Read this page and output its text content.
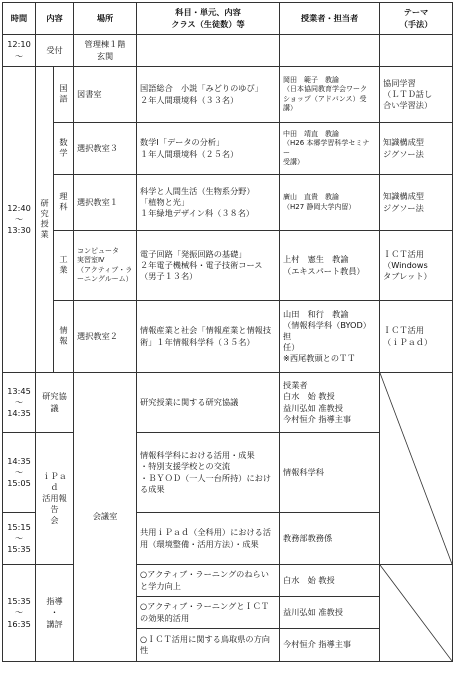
時間	内容		場所	科目・単元、内容
クラス（生徒数）等	授業者・担当者	テーマ
（手法）

12:10
～	受付		管理棟１階
玄関			
12:40
～
13:30	研究授業	国語	図書室	国語総合　小説「みどりのゆび」
２年人間環境科（３３名）	岡田　範子　教諭
（日本協同教育学会ワーク
ショップ（アドバンス）受講）	協同学習
（ＬＴＤ話し
合い学習法）

		数学	選択教室３	数学Ⅰ「データの分析」
１年人間環境科（２５名）	中田　靖直　教諭
（H26 本郷学習科学セミナー
受講）	知識構成型
ジグソー法

		理科	選択教室１	科学と人間生活（生物系分野）
「植物と光」
１年緑地デザイン科（３８名）	廣山　直貴　教諭
（H27 静岡大学内留）	知識構成型
ジグソー法

		工業	コンピュータ
実習室Ⅳ
（アクティブ・ラ
ーニングルーム）	電子回路「発振回路の基礎」
２年電子機械科・電子技術コース
（男子１３名）	上村　憲生　教諭
（エキスパート教員）	ＩＣＴ活用
（Windows
タブレット）

		情報	選択教室２	情報産業と社会「情報産業と情報技
術」１年情報科学科（３５名）	山田　和行　教諭
（情報科学科（BYOD）担
任）
※西尾教頭とのＴＴ	ＩＣＴ活用
（ｉＰａｄ）
13:45
～
14:35	研究協議		会議室	研究授業に関する研究協議	授業者
白水　始 教授
益川弘如 准教授
今村恒介 指導主事	

14:35
～
15:05	ｉＰａｄ
活用報告
会			情報科学科における活用・成果
・特別支援学校との交流
・ＢＹＯＤ（一人一台所持）における成果	情報科学科	
15:15
～
15:35				共用ｉＰａｄ（全科用）における活用（環境整備・活用方法）・成果	教務部教務係	
15:35
～
16:35	指導
・
講評			○アクティブ・ラーニングのねらい
と学力向上	白水　始 教授	

				○アクティブ・ラーニングとＩＣＴ
の効果的活用	益川弘如 准教授	
				○ＩＣＴ活用に関する鳥取県の方向
性	今村恒介 指導主事	
